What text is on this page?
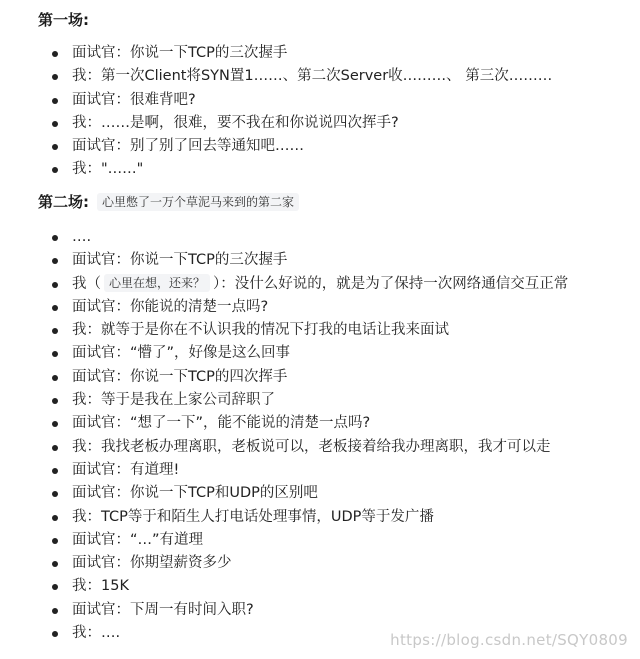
第一场:
面试官：你说一下TCP的三次握手
我：第一次Client将SYN置1……、第二次Server收………、 第三次………
面试官：很难背吧?
我：……是啊，很难，要不我在和你说说四次挥手?
面试官：别了别了回去等通知吧……
我："……"
第二场: 心里憋了一万个草泥马来到的第二家
….
面试官：你说一下TCP的三次握手
我（ 心里在想，还来？ ）：没什么好说的，就是为了保持一次网络通信交互正常
面试官：你能说的清楚一点吗?
我：就等于是你在不认识我的情况下打我的电话让我来面试
面试官：“懵了”，好像是这么回事
面试官：你说一下TCP的四次挥手
我：等于是我在上家公司辞职了
面试官：“想了一下”，能不能说的清楚一点吗?
我：我找老板办理离职，老板说可以，老板接着给我办理离职，我才可以走
面试官：有道理!
面试官：你说一下TCP和UDP的区别吧
我：TCP等于和陌生人打电话处理事情，UDP等于发广播
面试官：“…”有道理
面试官：你期望薪资多少
我：15K
面试官：下周一有时间入职?
我：….	https://blog.csdn.net/SQY0809
